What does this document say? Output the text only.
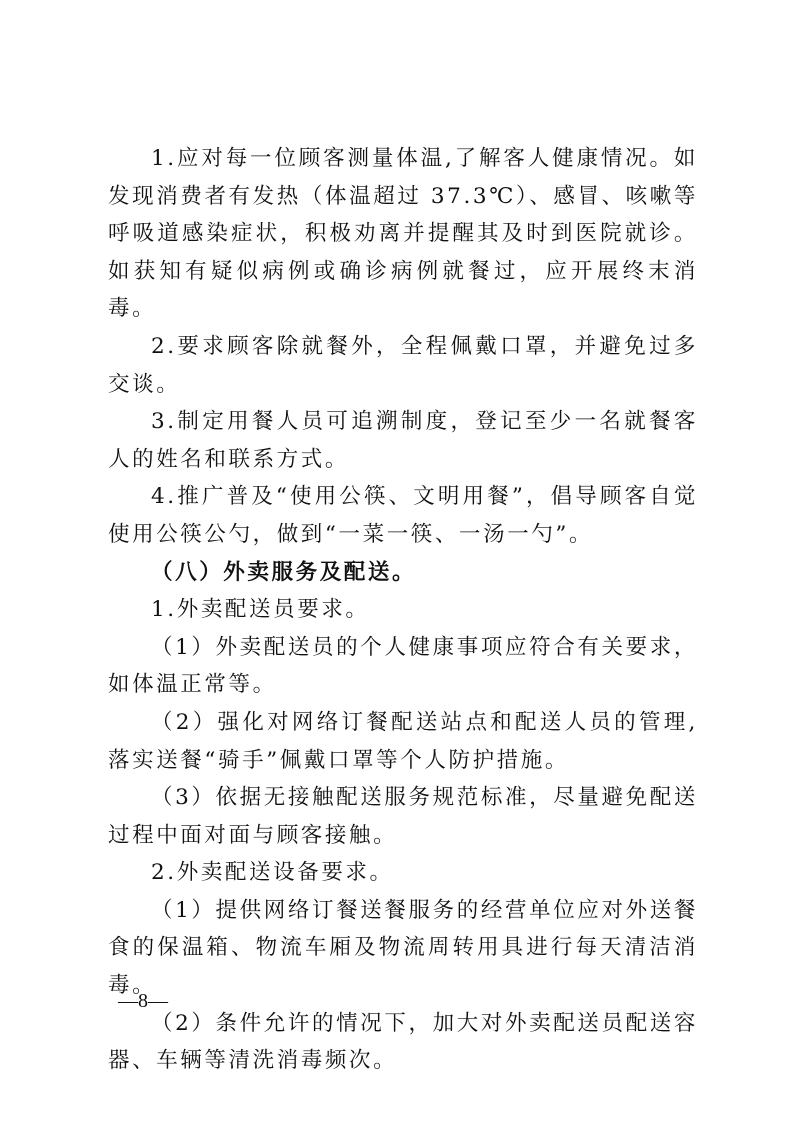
1.应对每一位顾客测量体温,了解客人健康情况。如发现消费者有发热（体温超过 37.3℃）、感冒、咳嗽等呼吸道感染症状，积极劝离并提醒其及时到医院就诊。如获知有疑似病例或确诊病例就餐过，应开展终末消毒。

2.要求顾客除就餐外，全程佩戴口罩，并避免过多交谈。

3.制定用餐人员可追溯制度，登记至少一名就餐客人的姓名和联系方式。

4.推广普及“使用公筷、文明用餐”，倡导顾客自觉使用公筷公勺，做到“一菜一筷、一汤一勺”。

（八）外卖服务及配送。

1.外卖配送员要求。

（1）外卖配送员的个人健康事项应符合有关要求，如体温正常等。

（2）强化对网络订餐配送站点和配送人员的管理,落实送餐“骑手”佩戴口罩等个人防护措施。

（3）依据无接触配送服务规范标准，尽量避免配送过程中面对面与顾客接触。

2.外卖配送设备要求。

（1）提供网络订餐送餐服务的经营单位应对外送餐食的保温箱、物流车厢及物流周转用具进行每天清洁消毒。

（2）条件允许的情况下，加大对外卖配送员配送容器、车辆等清洗消毒频次。

—8—
